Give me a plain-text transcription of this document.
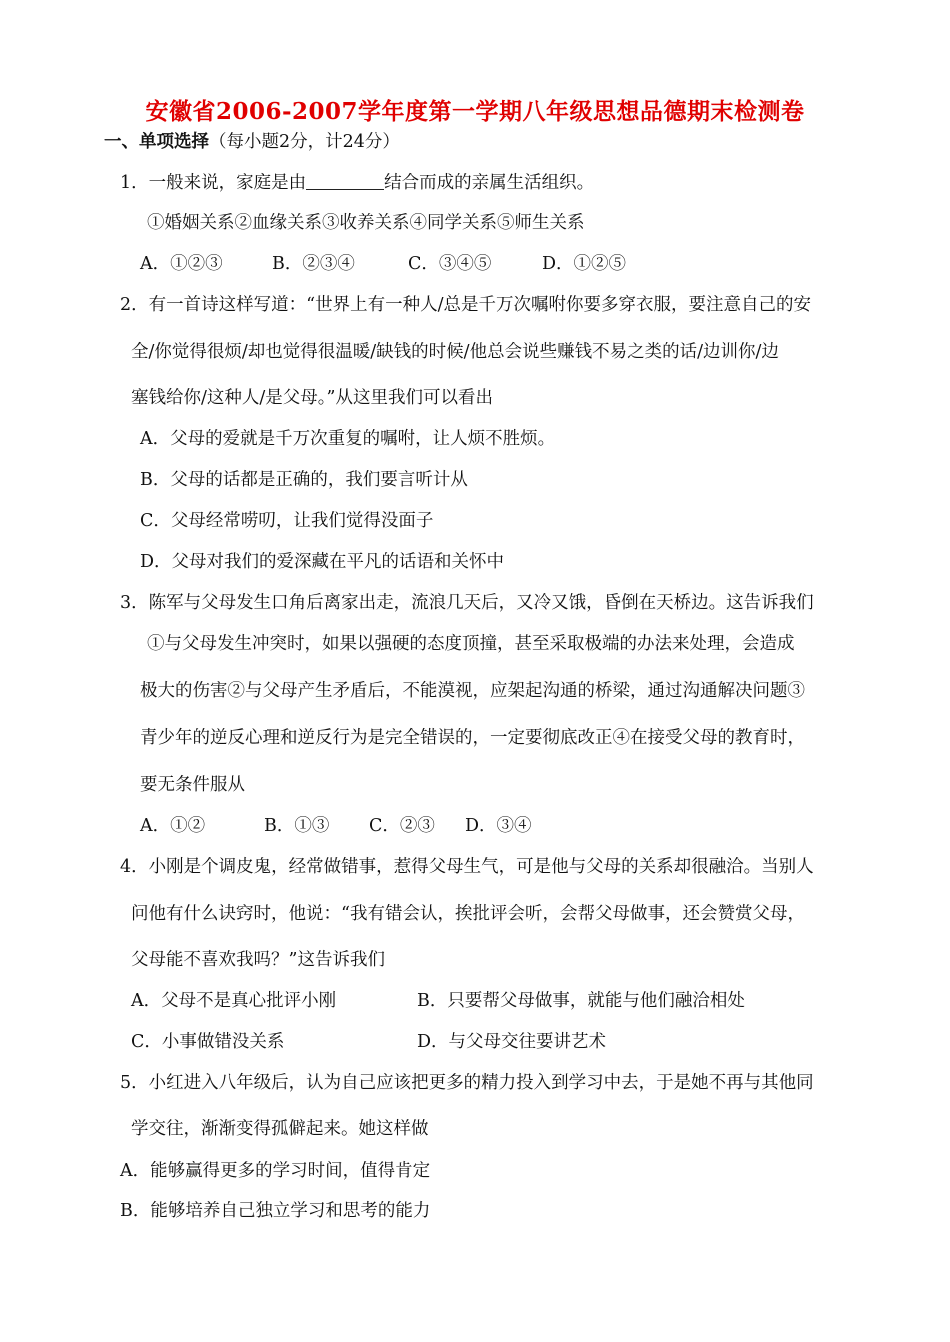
安徽省2006-2007学年度第一学期八年级思想品德期末检测卷
一、单项选择（每小题2分，计24分）
1．一般来说，家庭是由	结合而成的亲属生活组织。
①婚姻关系②血缘关系③收养关系④同学关系⑤师生关系
A．①②③	B．②③④	C．③④⑤	D．①②⑤
2．有一首诗这样写道：“世界上有一种人/总是千万次嘱咐你要多穿衣服，要注意自己的安
全/你觉得很烦/却也觉得很温暖/缺钱的时候/他总会说些赚钱不易之类的话/边训你/边
塞钱给你/这种人/是父母。”从这里我们可以看出
A．父母的爱就是千万次重复的嘱咐，让人烦不胜烦。
B．父母的话都是正确的，我们要言听计从
C．父母经常唠叨，让我们觉得没面子
D．父母对我们的爱深藏在平凡的话语和关怀中
3．陈军与父母发生口角后离家出走，流浪几天后，又冷又饿，昏倒在天桥边。这告诉我们
①与父母发生冲突时，如果以强硬的态度顶撞，甚至采取极端的办法来处理，会造成
极大的伤害②与父母产生矛盾后，不能漠视，应架起沟通的桥梁，通过沟通解决问题③
青少年的逆反心理和逆反行为是完全错误的，一定要彻底改正④在接受父母的教育时，
要无条件服从
A．①②	B．①③ C．②③ D．③④
4．小刚是个调皮鬼，经常做错事，惹得父母生气，可是他与父母的关系却很融洽。当别人
问他有什么诀窍时，他说：“我有错会认，挨批评会听，会帮父母做事，还会赞赏父母，
父母能不喜欢我吗？”这告诉我们
A．父母不是真心批评小刚	B．只要帮父母做事，就能与他们融洽相处
C．小事做错没关系	D．与父母交往要讲艺术
5．小红进入八年级后，认为自己应该把更多的精力投入到学习中去，于是她不再与其他同
学交往，渐渐变得孤僻起来。她这样做
A．能够赢得更多的学习时间，值得肯定
B．能够培养自己独立学习和思考的能力
